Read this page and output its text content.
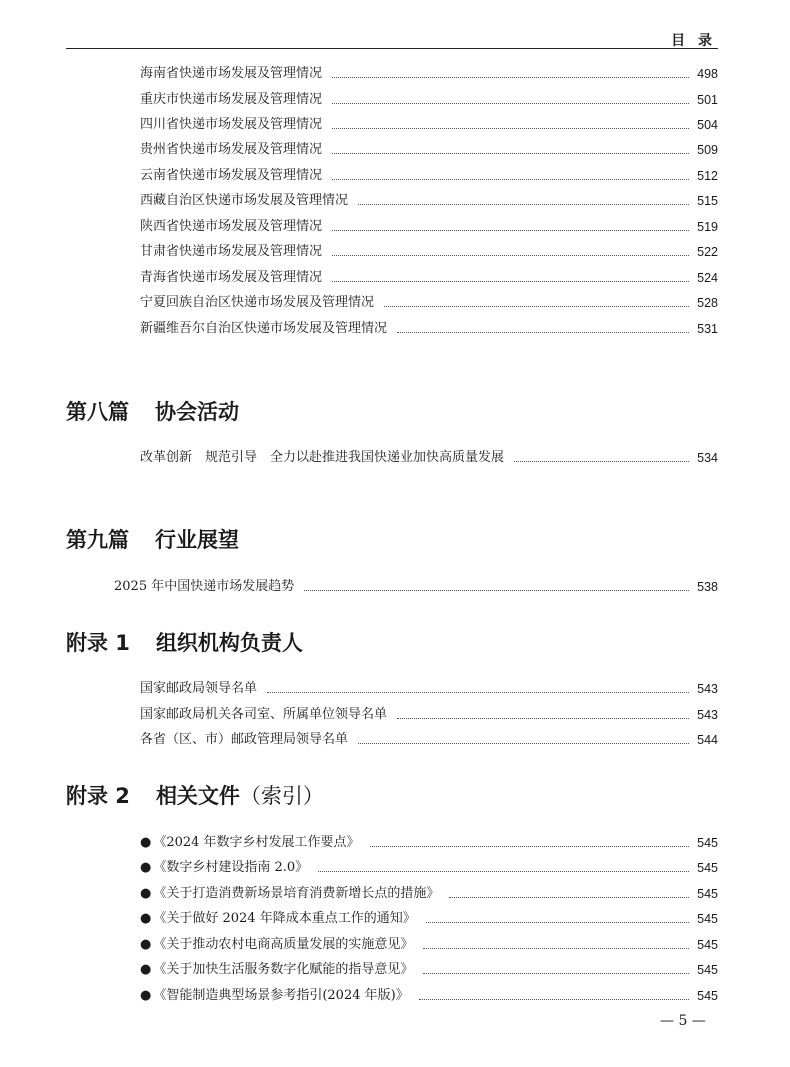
目 录
海南省快递市场发展及管理情况	498
重庆市快递市场发展及管理情况	501
四川省快递市场发展及管理情况	504
贵州省快递市场发展及管理情况	509
云南省快递市场发展及管理情况	512
西藏自治区快递市场发展及管理情况	515
陕西省快递市场发展及管理情况	519
甘肃省快递市场发展及管理情况	522
青海省快递市场发展及管理情况	524
宁夏回族自治区快递市场发展及管理情况	528
新疆维吾尔自治区快递市场发展及管理情况	531
第八篇 协会活动
改革创新　规范引导　全力以赴推进我国快递业加快高质量发展	534
第九篇 行业展望
2025 年中国快递市场发展趋势	538
附录 1 组织机构负责人
国家邮政局领导名单	543
国家邮政局机关各司室、所属单位领导名单	543
各省（区、市）邮政管理局领导名单	544
附录 2 相关文件（索引）
● 《2024 年数字乡村发展工作要点》	545
● 《数字乡村建设指南 2.0》	545
● 《关于打造消费新场景培育消费新增长点的措施》	545
● 《关于做好 2024 年降成本重点工作的通知》	545
● 《关于推动农村电商高质量发展的实施意见》	545
● 《关于加快生活服务数字化赋能的指导意见》	545
● 《智能制造典型场景参考指引(2024 年版)》	545
— 5 —
